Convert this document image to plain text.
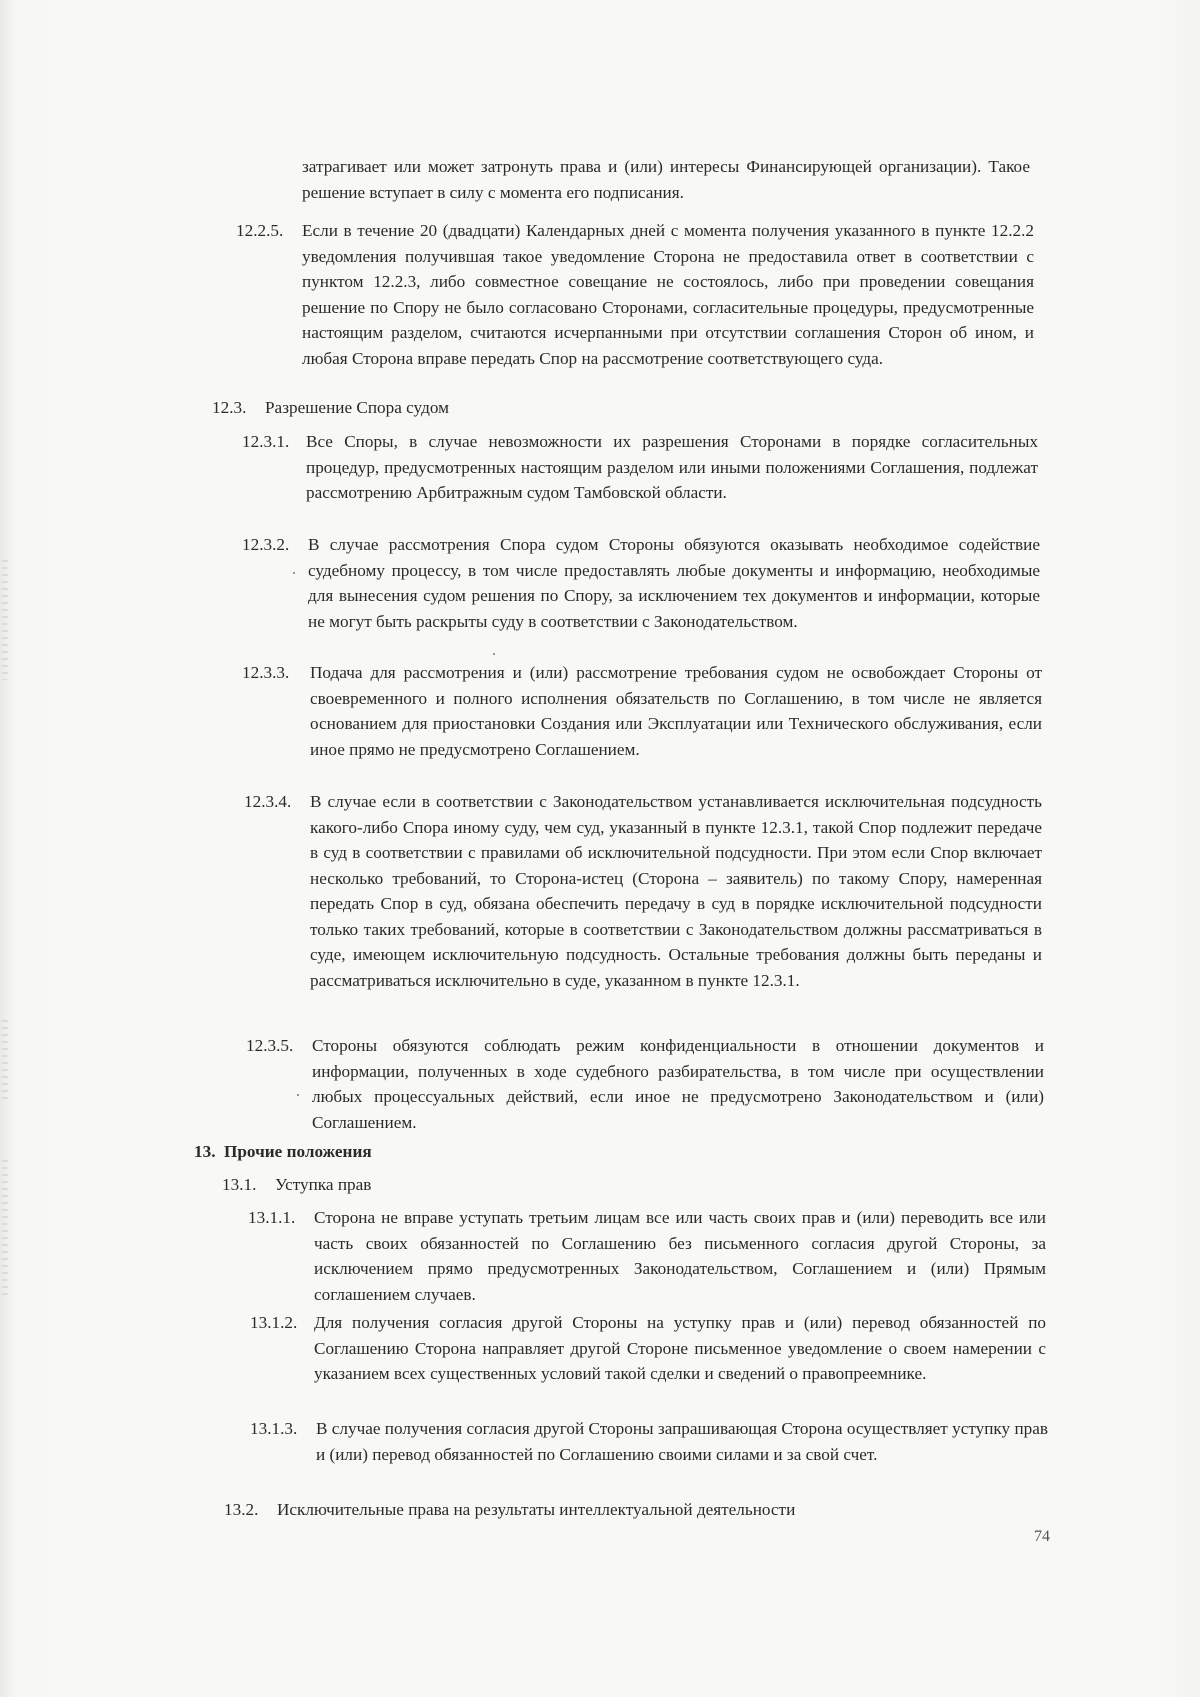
затрагивает или может затронуть права и (или) интересы Финансирующей организации). Такое решение вступает в силу с момента его подписания.
12.2.5. Если в течение 20 (двадцати) Календарных дней с момента получения указанного в пункте 12.2.2 уведомления получившая такое уведомление Сторона не предоставила ответ в соответствии с пунктом 12.2.3, либо совместное совещание не состоялось, либо при проведении совещания решение по Спору не было согласовано Сторонами, согласительные процедуры, предусмотренные настоящим разделом, считаются исчерпанными при отсутствии соглашения Сторон об ином, и любая Сторона вправе передать Спор на рассмотрение соответствующего суда.
12.3. Разрешение Спора судом
12.3.1. Все Споры, в случае невозможности их разрешения Сторонами в порядке согласительных процедур, предусмотренных настоящим разделом или иными положениями Соглашения, подлежат рассмотрению Арбитражным судом Тамбовской области.
12.3.2. В случае рассмотрения Спора судом Стороны обязуются оказывать необходимое содействие судебному процессу, в том числе предоставлять любые документы и информацию, необходимые для вынесения судом решения по Спору, за исключением тех документов и информации, которые не могут быть раскрыты суду в соответствии с Законодательством.
12.3.3. Подача для рассмотрения и (или) рассмотрение требования судом не освобождает Стороны от своевременного и полного исполнения обязательств по Соглашению, в том числе не является основанием для приостановки Создания или Эксплуатации или Технического обслуживания, если иное прямо не предусмотрено Соглашением.
12.3.4. В случае если в соответствии с Законодательством устанавливается исключительная подсудность какого-либо Спора иному суду, чем суд, указанный в пункте 12.3.1, такой Спор подлежит передаче в суд в соответствии с правилами об исключительной подсудности. При этом если Спор включает несколько требований, то Сторона-истец (Сторона – заявитель) по такому Спору, намеренная передать Спор в суд, обязана обеспечить передачу в суд в порядке исключительной подсудности только таких требований, которые в соответствии с Законодательством должны рассматриваться в суде, имеющем исключительную подсудность. Остальные требования должны быть переданы и рассматриваться исключительно в суде, указанном в пункте 12.3.1.
12.3.5. Стороны обязуются соблюдать режим конфиденциальности в отношении документов и информации, полученных в ходе судебного разбирательства, в том числе при осуществлении любых процессуальных действий, если иное не предусмотрено Законодательством и (или) Соглашением.
13. Прочие положения
13.1. Уступка прав
13.1.1. Сторона не вправе уступать третьим лицам все или часть своих прав и (или) переводить все или часть своих обязанностей по Соглашению без письменного согласия другой Стороны, за исключением прямо предусмотренных Законодательством, Соглашением и (или) Прямым соглашением случаев.
13.1.2. Для получения согласия другой Стороны на уступку прав и (или) перевод обязанностей по Соглашению Сторона направляет другой Стороне письменное уведомление о своем намерении с указанием всех существенных условий такой сделки и сведений о правопреемнике.
13.1.3. В случае получения согласия другой Стороны запрашивающая Сторона осуществляет уступку прав и (или) перевод обязанностей по Соглашению своими силами и за свой счет.
13.2. Исключительные права на результаты интеллектуальной деятельности
74
